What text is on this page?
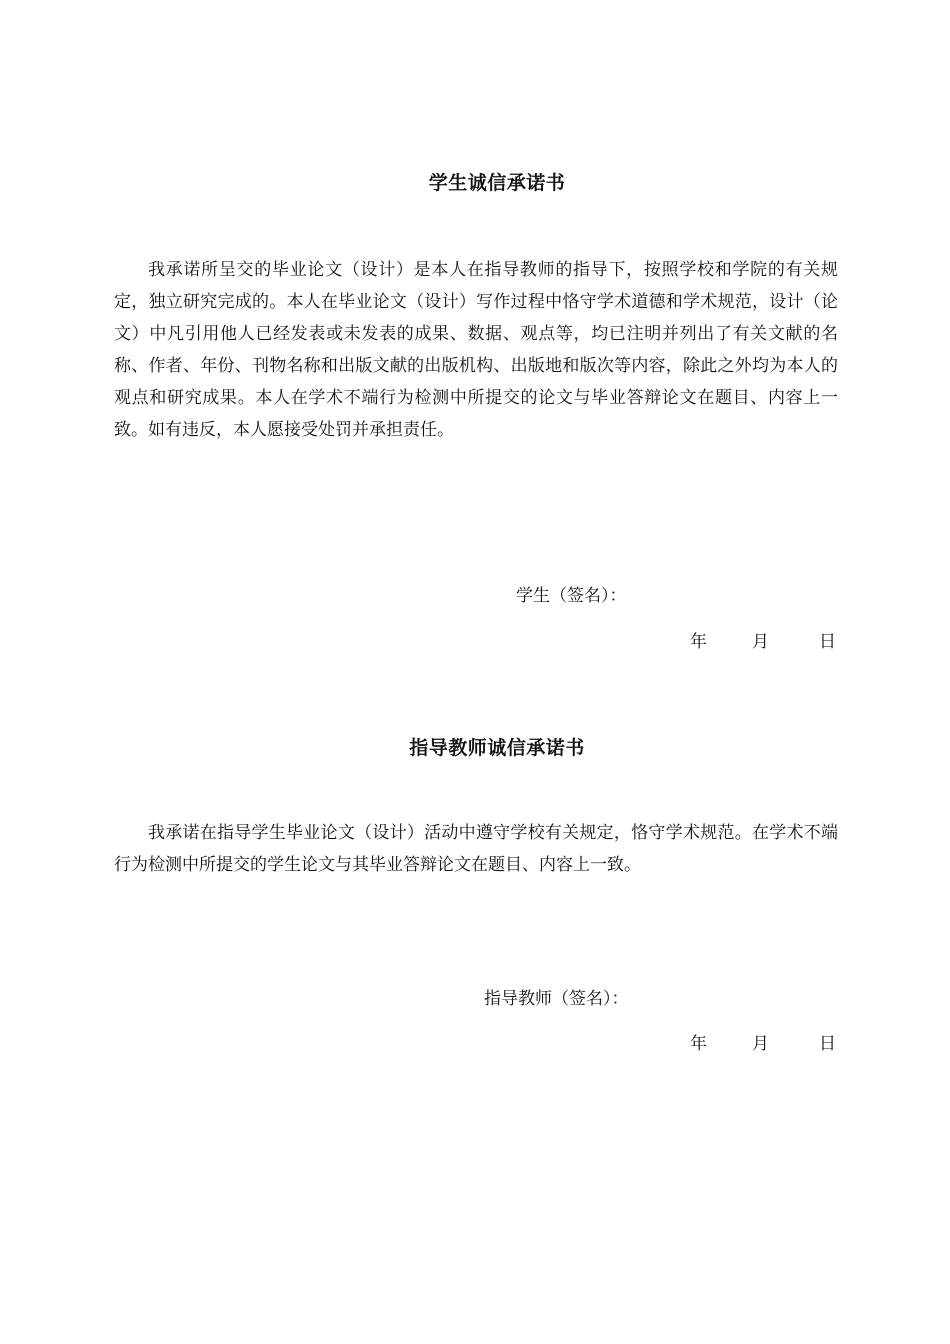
学生诚信承诺书

我承诺所呈交的毕业论文（设计）是本人在指导教师的指导下，按照学校和学院的有关规定，独立研究完成的。本人在毕业论文（设计）写作过程中恪守学术道德和学术规范，设计（论文）中凡引用他人已经发表或未发表的成果、数据、观点等，均已注明并列出了有关文献的名称、作者、年份、刊物名称和出版文献的出版机构、出版地和版次等内容，除此之外均为本人的观点和研究成果。本人在学术不端行为检测中所提交的论文与毕业答辩论文在题目、内容上一致。如有违反，本人愿接受处罚并承担责任。

学生（签名）：
年	月	日
指导教师诚信承诺书

我承诺在指导学生毕业论文（设计）活动中遵守学校有关规定，恪守学术规范。在学术不端行为检测中所提交的学生论文与其毕业答辩论文在题目、内容上一致。

指导教师（签名）：
年	月	日
